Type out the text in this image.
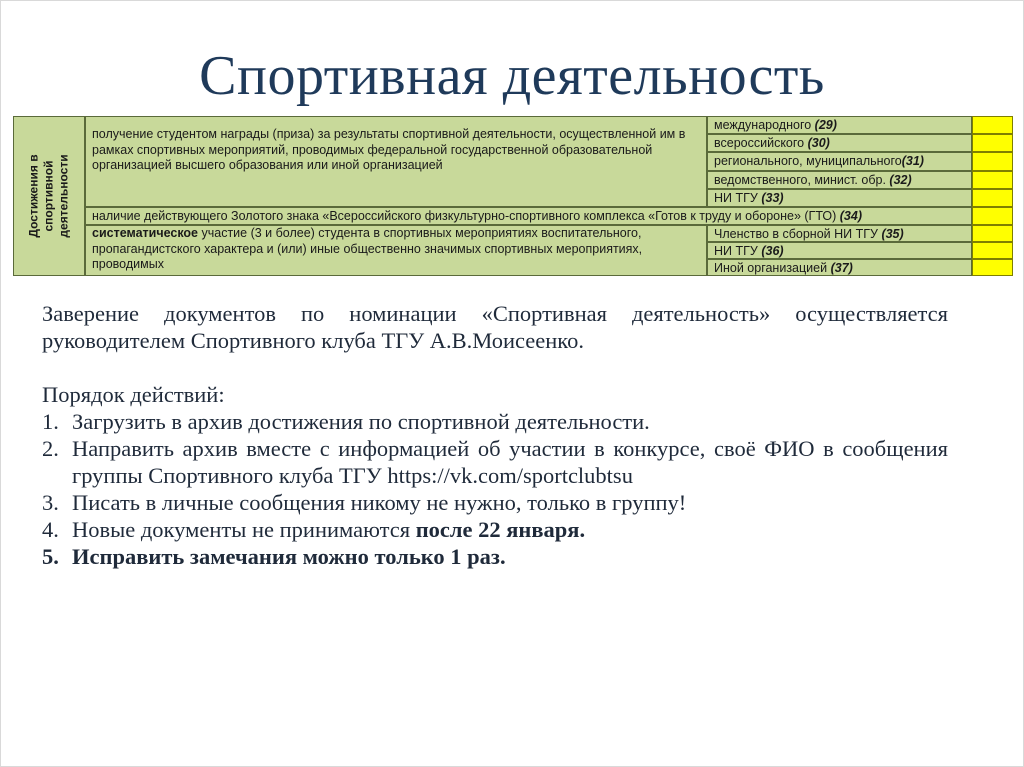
Спортивная деятельность
Достижения в спортивной деятельности
получение студентом награды (приза) за результаты спортивной деятельности, осуществленной им в рамках спортивных мероприятий, проводимых федеральной государственной образовательной организацией высшего образования или иной организацией
международного (29)
всероссийского (30)
регионального, муниципального(31)
ведомственного, минист. обр. (32)
НИ ТГУ (33)
наличие действующего Золотого знака «Всероссийского физкультурно-спортивного комплекса «Готов к труду и обороне» (ГТО) (34)
систематическое участие (3 и более) студента в спортивных мероприятиях воспитательного, пропагандистского характера и (или) иные общественно значимых спортивных мероприятиях, проводимых
Членство в сборной НИ ТГУ (35)
НИ ТГУ (36)
Иной организацией (37)
Заверение документов по номинации «Спортивная деятельность» осуществляется руководителем Спортивного клуба ТГУ А.В.Моисеенко.
Порядок действий:
1. Загрузить в архив достижения по спортивной деятельности.
2. Направить архив вместе с информацией об участии в конкурсе, своё ФИО в сообщения группы Спортивного клуба ТГУ https://vk.com/sportclubtsu
3. Писать в личные сообщения никому не нужно, только в группу!
4. Новые документы не принимаются после 22 января.
5. Исправить замечания можно только 1 раз.
